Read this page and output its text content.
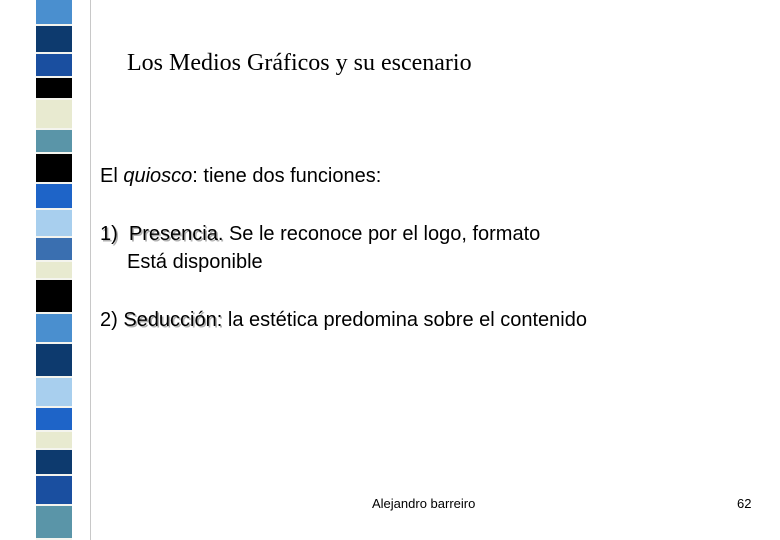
Los Medios Gráficos y su escenario
El quiosco: tiene dos funciones:
1)  Presencia. Se le reconoce por el logo, formato
Está disponible
2) Seducción: la estética predomina sobre el contenido
Alejandro barreiro	62
